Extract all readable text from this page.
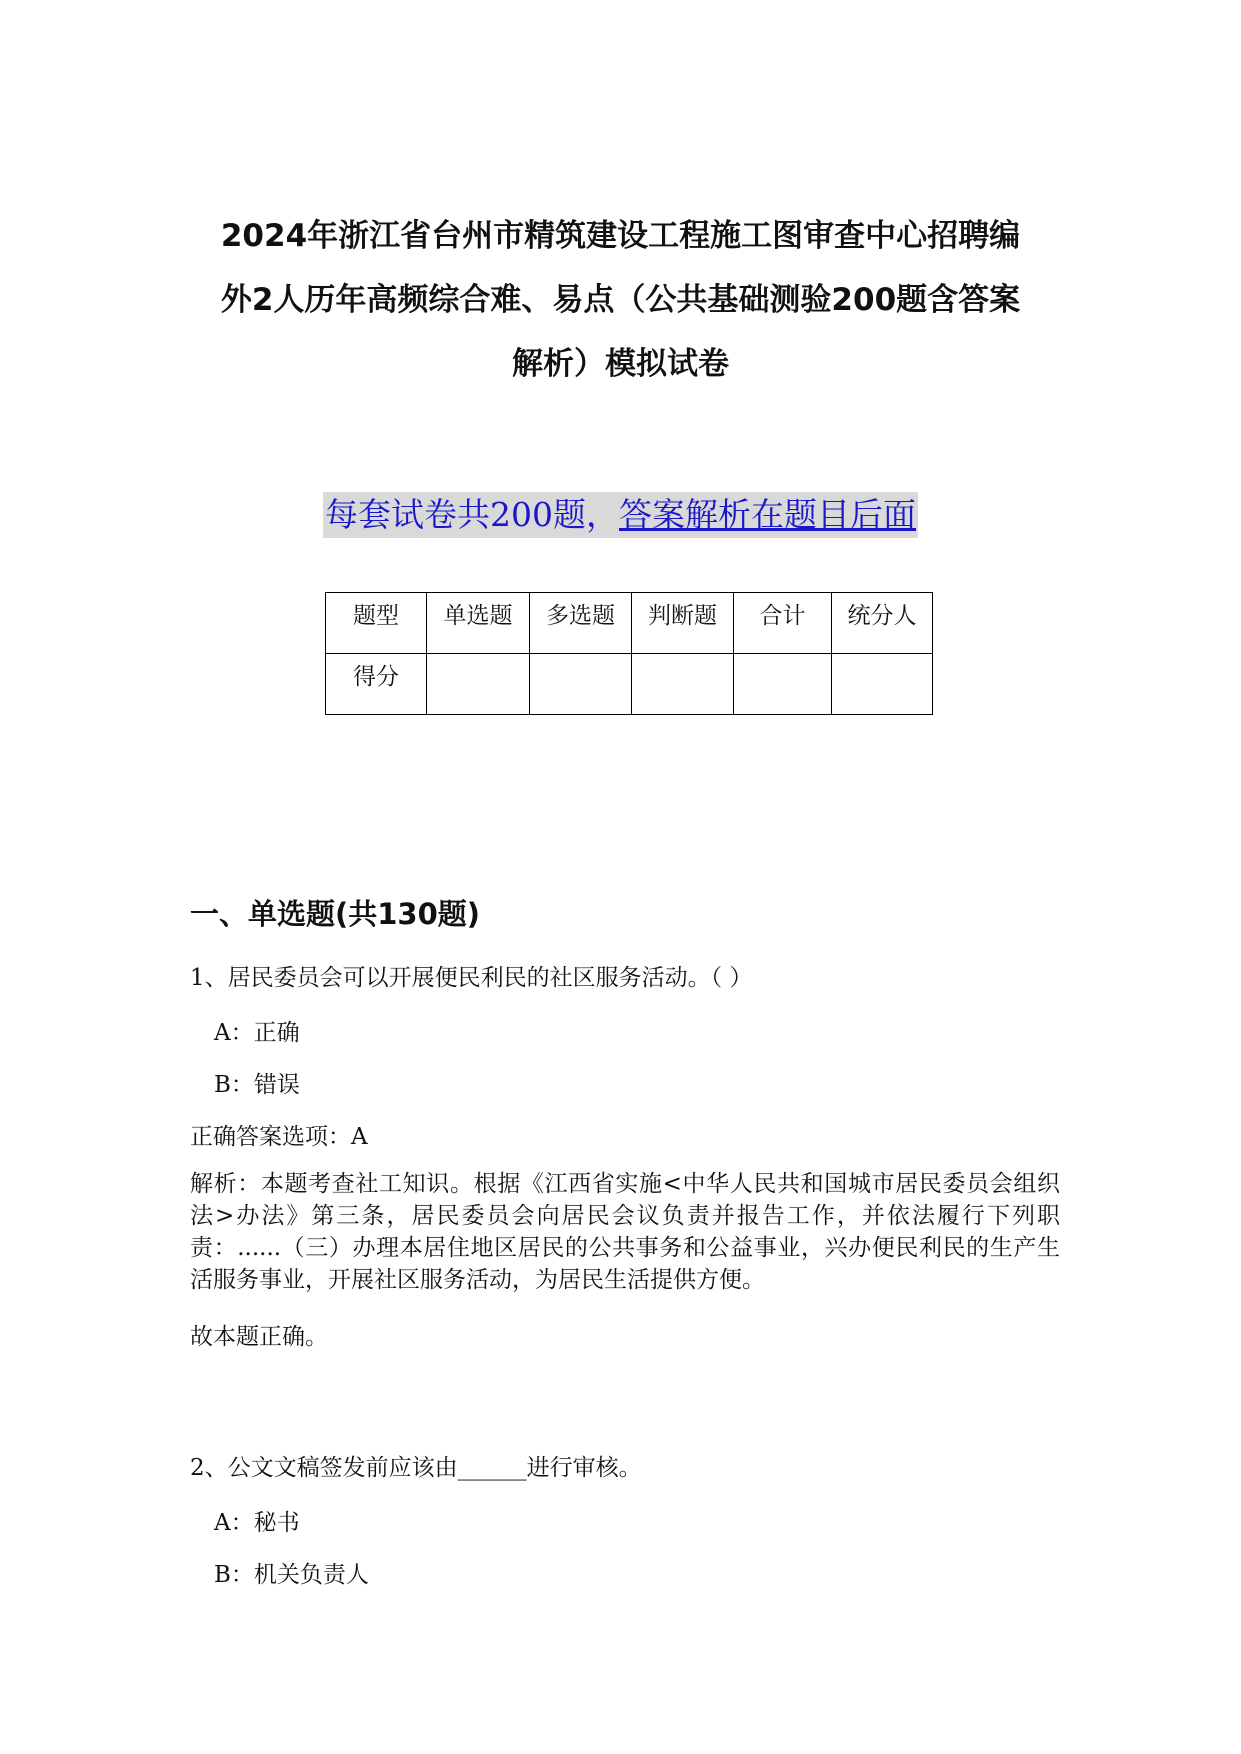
2024年浙江省台州市精筑建设工程施工图审查中心招聘编
外2人历年高频综合难、易点（公共基础测验200题含答案
解析）模拟试卷
每套试卷共200题，答案解析在题目后面
题型	单选题	多选题	判断题	合计	统分人
得分					
一、单选题(共130题)
1、居民委员会可以开展便民利民的社区服务活动。（ ）
A：正确
B：错误
正确答案选项：A
解析：本题考查社工知识。根据《江西省实施<中华人民共和国城市居民委员会组织法>办法》第三条，居民委员会向居民会议负责并报告工作，并依法履行下列职责：......（三）办理本居住地区居民的公共事务和公益事业，兴办便民利民的生产生活服务事业，开展社区服务活动，为居民生活提供方便。
故本题正确。
2、公文文稿签发前应该由______进行审核。
A：秘书
B：机关负责人
